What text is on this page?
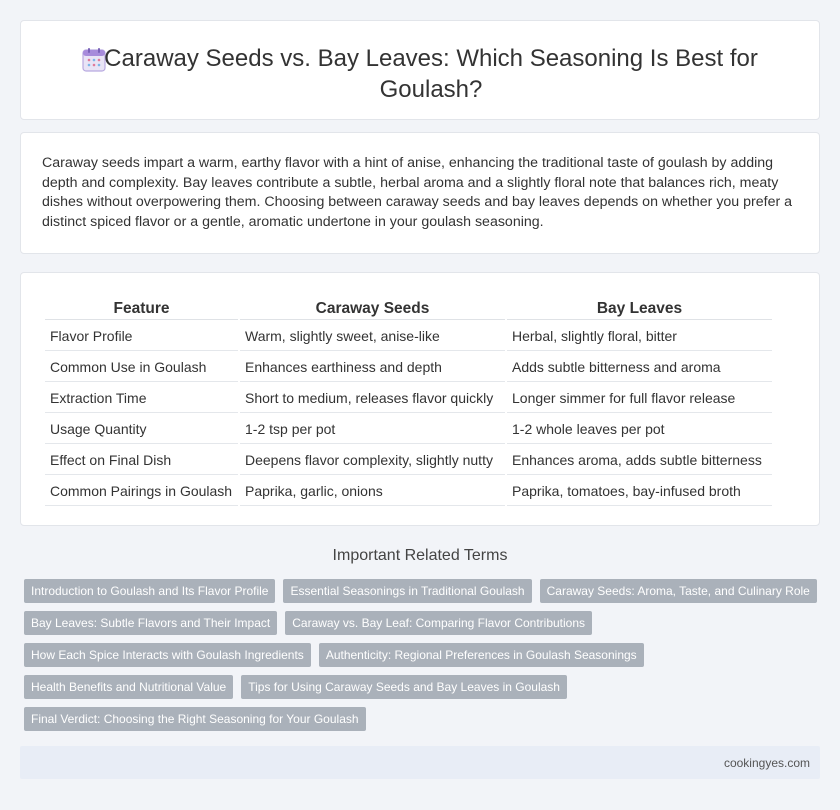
Caraway Seeds vs. Bay Leaves: Which Seasoning Is Best for Goulash?

Caraway seeds impart a warm, earthy flavor with a hint of anise, enhancing the traditional taste of goulash by adding depth and complexity. Bay leaves contribute a subtle, herbal aroma and a slightly floral note that balances rich, meaty dishes without overpowering them. Choosing between caraway seeds and bay leaves depends on whether you prefer a distinct spiced flavor or a gentle, aromatic undertone in your goulash seasoning.

Feature	Caraway Seeds	Bay Leaves
Flavor Profile	Warm, slightly sweet, anise-like	Herbal, slightly floral, bitter
Common Use in Goulash	Enhances earthiness and depth	Adds subtle bitterness and aroma
Extraction Time	Short to medium, releases flavor quickly	Longer simmer for full flavor release
Usage Quantity	1-2 tsp per pot	1-2 whole leaves per pot
Effect on Final Dish	Deepens flavor complexity, slightly nutty	Enhances aroma, adds subtle bitterness
Common Pairings in Goulash	Paprika, garlic, onions	Paprika, tomatoes, bay-infused broth
Important Related Terms
Introduction to Goulash and Its Flavor Profile	Essential Seasonings in Traditional Goulash	Caraway Seeds: Aroma, Taste, and Culinary Role
Bay Leaves: Subtle Flavors and Their Impact	Caraway vs. Bay Leaf: Comparing Flavor Contributions
How Each Spice Interacts with Goulash Ingredients	Authenticity: Regional Preferences in Goulash Seasonings
Health Benefits and Nutritional Value	Tips for Using Caraway Seeds and Bay Leaves in Goulash
Final Verdict: Choosing the Right Seasoning for Your Goulash
cookingyes.com
